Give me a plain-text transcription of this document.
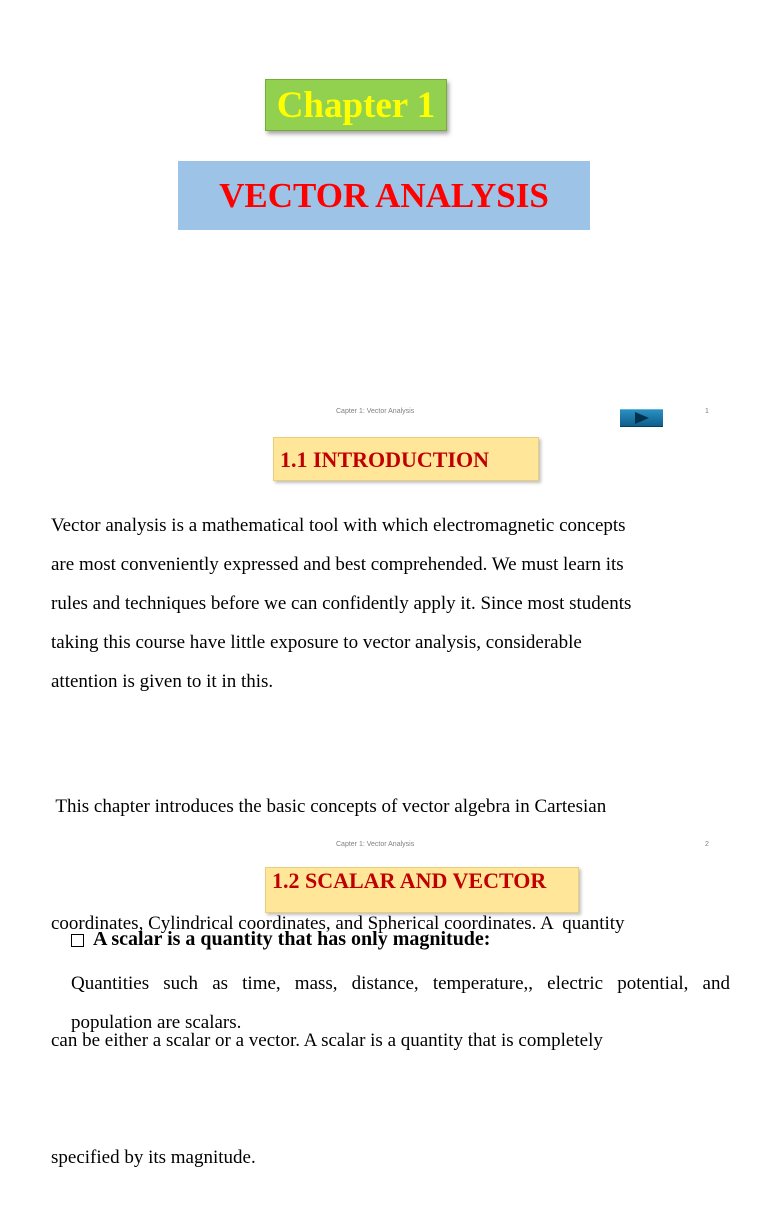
Chapter 1
VECTOR ANALYSIS
Capter 1: Vector Analysis	1
1.1 INTRODUCTION
Vector analysis is a mathematical tool with which electromagnetic concepts
are most conveniently expressed and best comprehended. We must learn its
rules and techniques before we can confidently apply it. Since most students
taking this course have little exposure to vector analysis, considerable
attention is given to it in this.

This chapter introduces the basic concepts of vector algebra in Cartesian

coordinates, Cylindrical coordinates, and Spherical coordinates. A  quantity

can be either a scalar or a vector. A scalar is a quantity that is completely

specified by its magnitude.

Capter 1: Vector Analysis	2
1.2 SCALAR AND VECTOR
A scalar is a quantity that has only magnitude:
Quantities such as time, mass, distance, temperature,, electric potential, and population are scalars.
